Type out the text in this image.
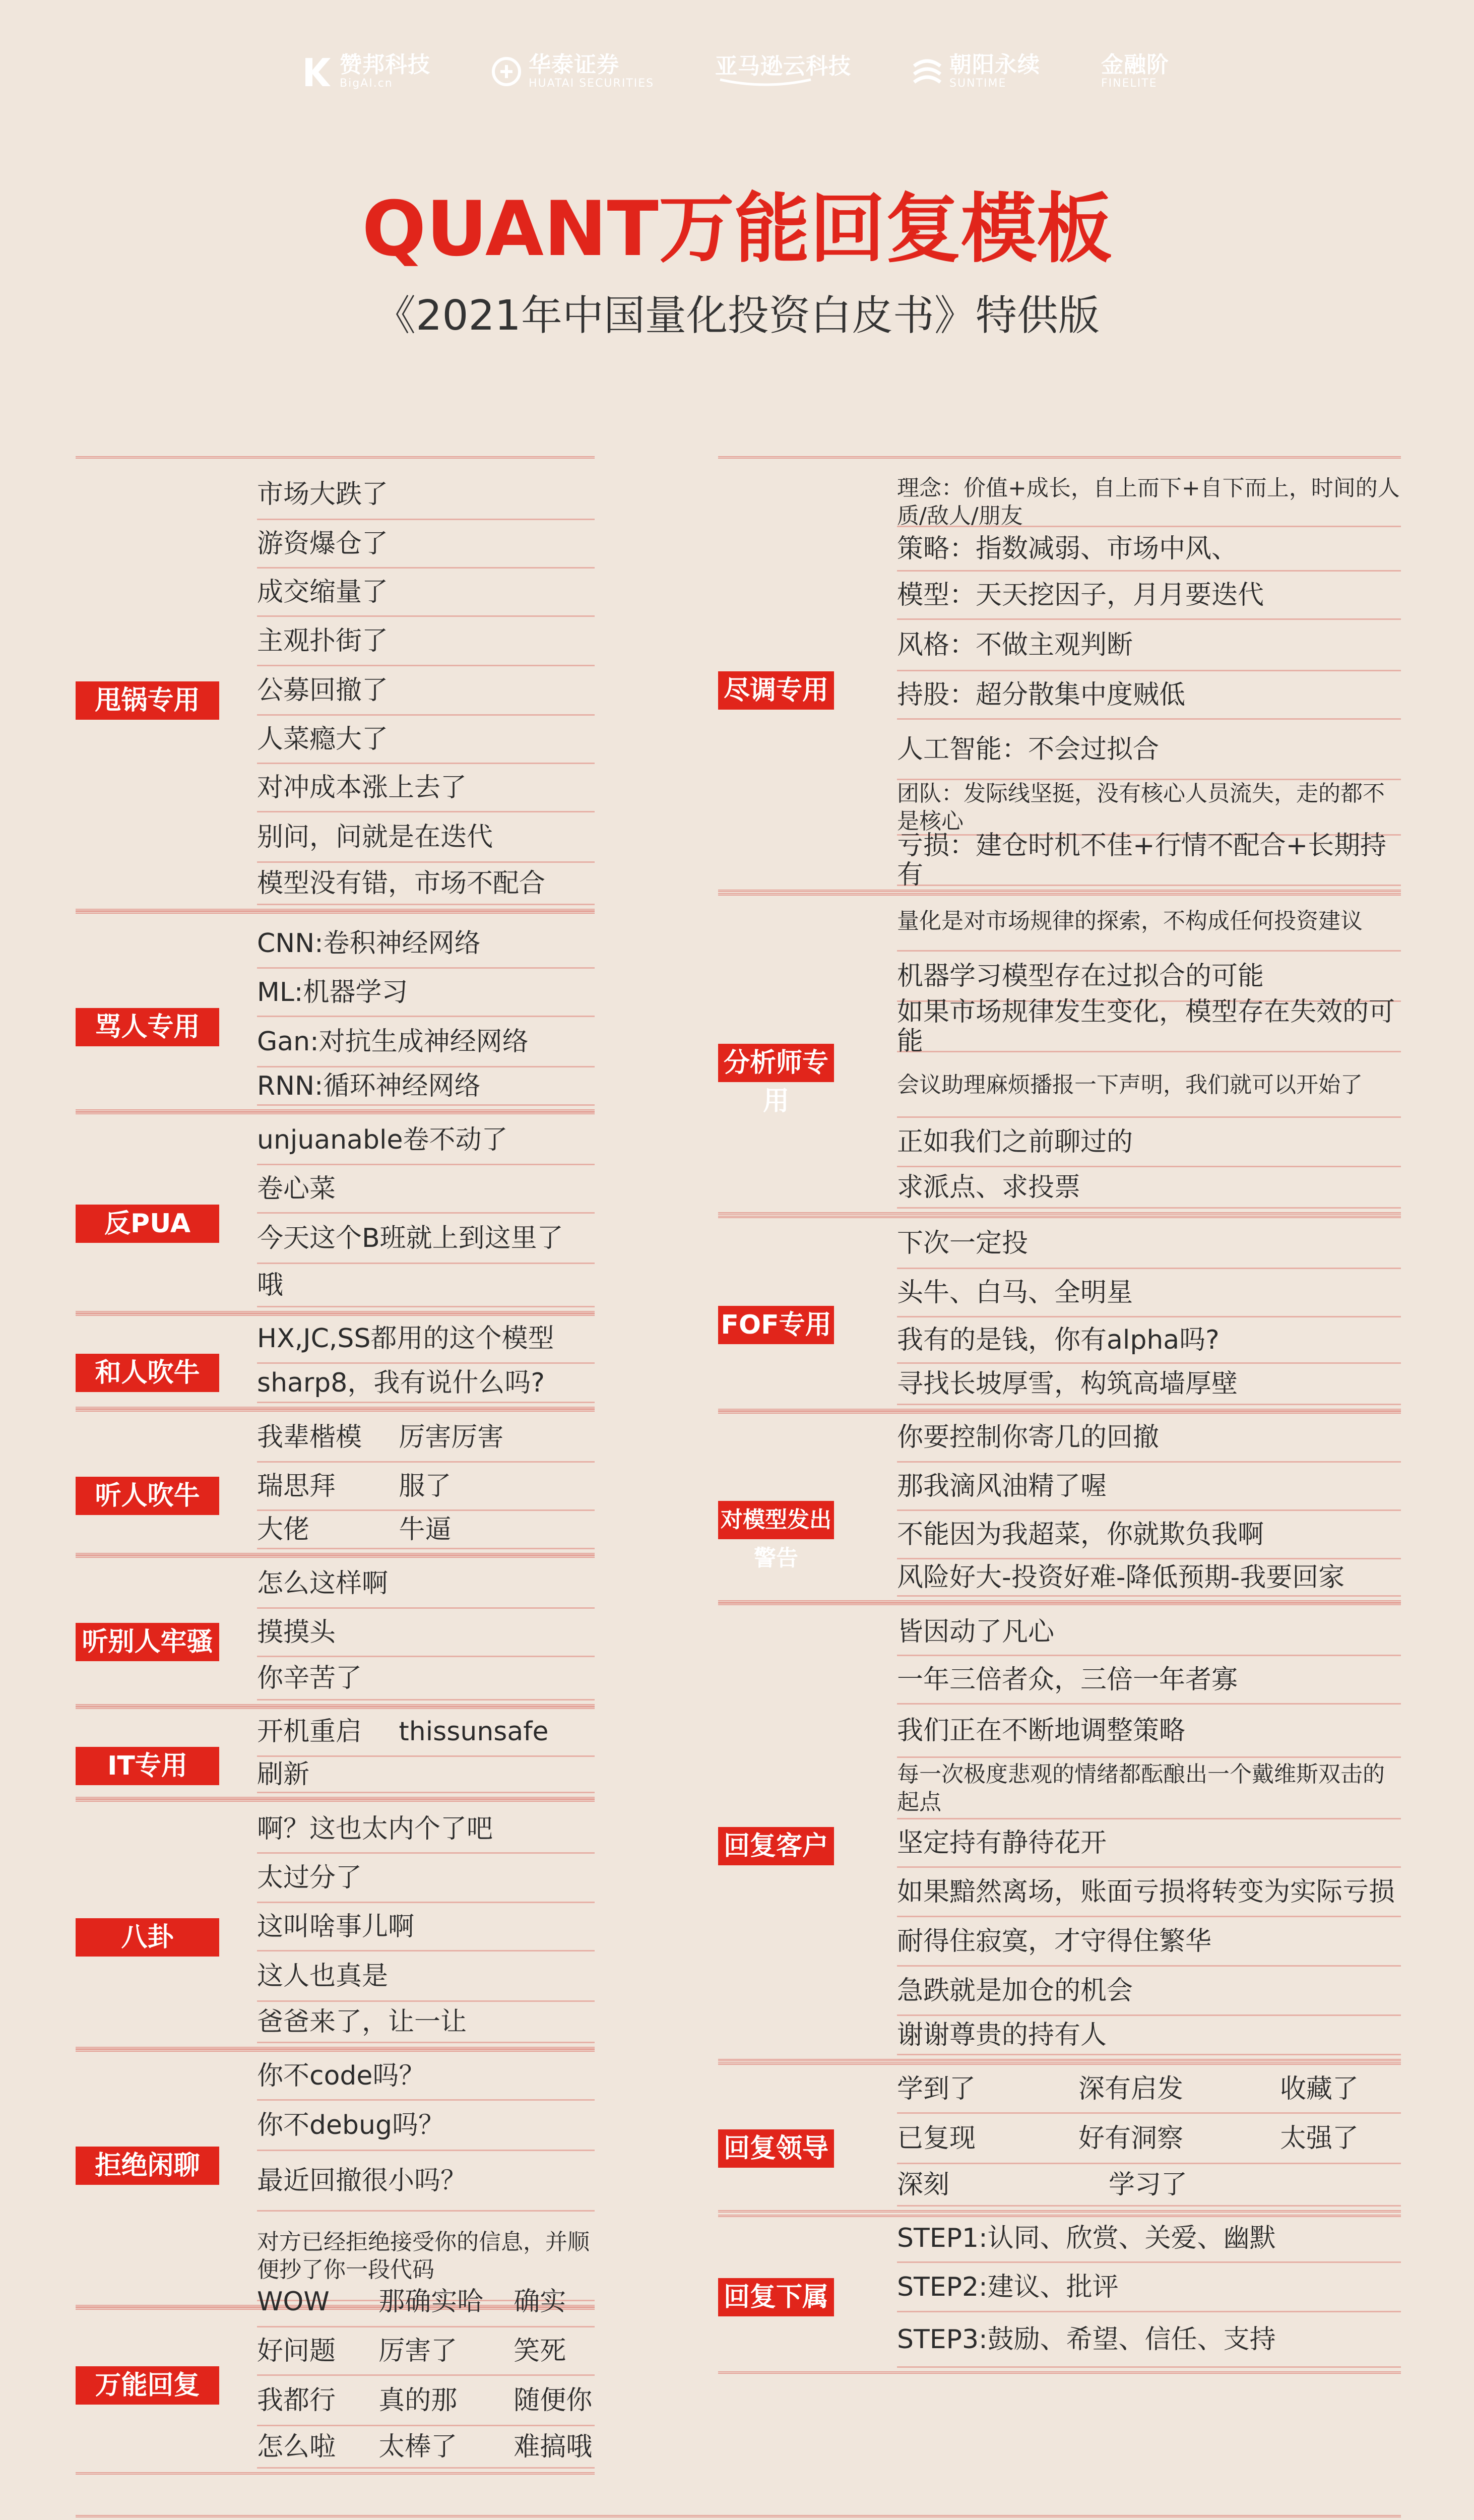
赞邦科技
BigAI.cn
华泰证券
HUATAI SECURITIES
亚马逊云科技	朝阳永续
SUNTIME
金融阶
FINELITE
QUANT万能回复模板
《2021年中国量化投资白皮书》特供版
甩锅专用
市场大跌了
游资爆仓了
成交缩量了
主观扑街了
公募回撤了
人菜瘾大了
对冲成本涨上去了
别问，问就是在迭代
模型没有错，市场不配合
骂人专用
CNN:卷积神经网络
ML:机器学习
Gan:对抗生成神经网络
RNN:循环神经网络
反PUA
unjuanable卷不动了
卷心菜
今天这个B班就上到这里了
哦
和人吹牛
HX,JC,SS都用的这个模型
sharp8，我有说什么吗?
听人吹牛
我辈楷模	厉害厉害
瑞思拜	服了
大佬	牛逼
听别人牢骚
怎么这样啊
摸摸头
你辛苦了
IT专用
开机重启	thissunsafe
刷新
八卦
啊？这也太内个了吧
太过分了
这叫啥事儿啊
这人也真是
爸爸来了，让一让
拒绝闲聊
你不code吗？
你不debug吗？
最近回撤很小吗？
对方已经拒绝接受你的信息，并顺便抄了你一段代码
万能回复
WOW	那确实哈	确实
好问题	厉害了	笑死
我都行	真的那	随便你
怎么啦	太棒了	难搞哦
尽调专用
理念：价值+成长，自上而下+自下而上，时间的人质/敌人/朋友
策略：指数减弱、市场中风、
模型：天天挖因子，月月要迭代
风格：不做主观判断
持股：超分散集中度贼低
人工智能：不会过拟合
团队：发际线坚挺，没有核心人员流失，走的都不是核心
亏损：建仓时机不佳+行情不配合+长期持有
分析师专用
量化是对市场规律的探索，不构成任何投资建议
机器学习模型存在过拟合的可能
如果市场规律发生变化，模型存在失效的可能
会议助理麻烦播报一下声明，我们就可以开始了
正如我们之前聊过的
求派点、求投票
FOF专用
下次一定投
头牛、白马、全明星
我有的是钱，你有alpha吗?
寻找长坡厚雪，构筑高墙厚壁
对模型发出警告
你要控制你寄几的回撤
那我滴风油精了喔
不能因为我超菜，你就欺负我啊
风险好大-投资好难-降低预期-我要回家
回复客户
皆因动了凡心
一年三倍者众，三倍一年者寡
我们正在不断地调整策略
每一次极度悲观的情绪都酝酿出一个戴维斯双击的起点
坚定持有静待花开
如果黯然离场，账面亏损将转变为实际亏损
耐得住寂寞，才守得住繁华
急跌就是加仓的机会
谢谢尊贵的持有人
回复领导
学到了	深有启发	收藏了
已复现	好有洞察	太强了
深刻	学习了
回复下属
STEP1:认同、欣赏、关爱、幽默
STEP2:建议、批评
STEP3:鼓励、希望、信任、支持
